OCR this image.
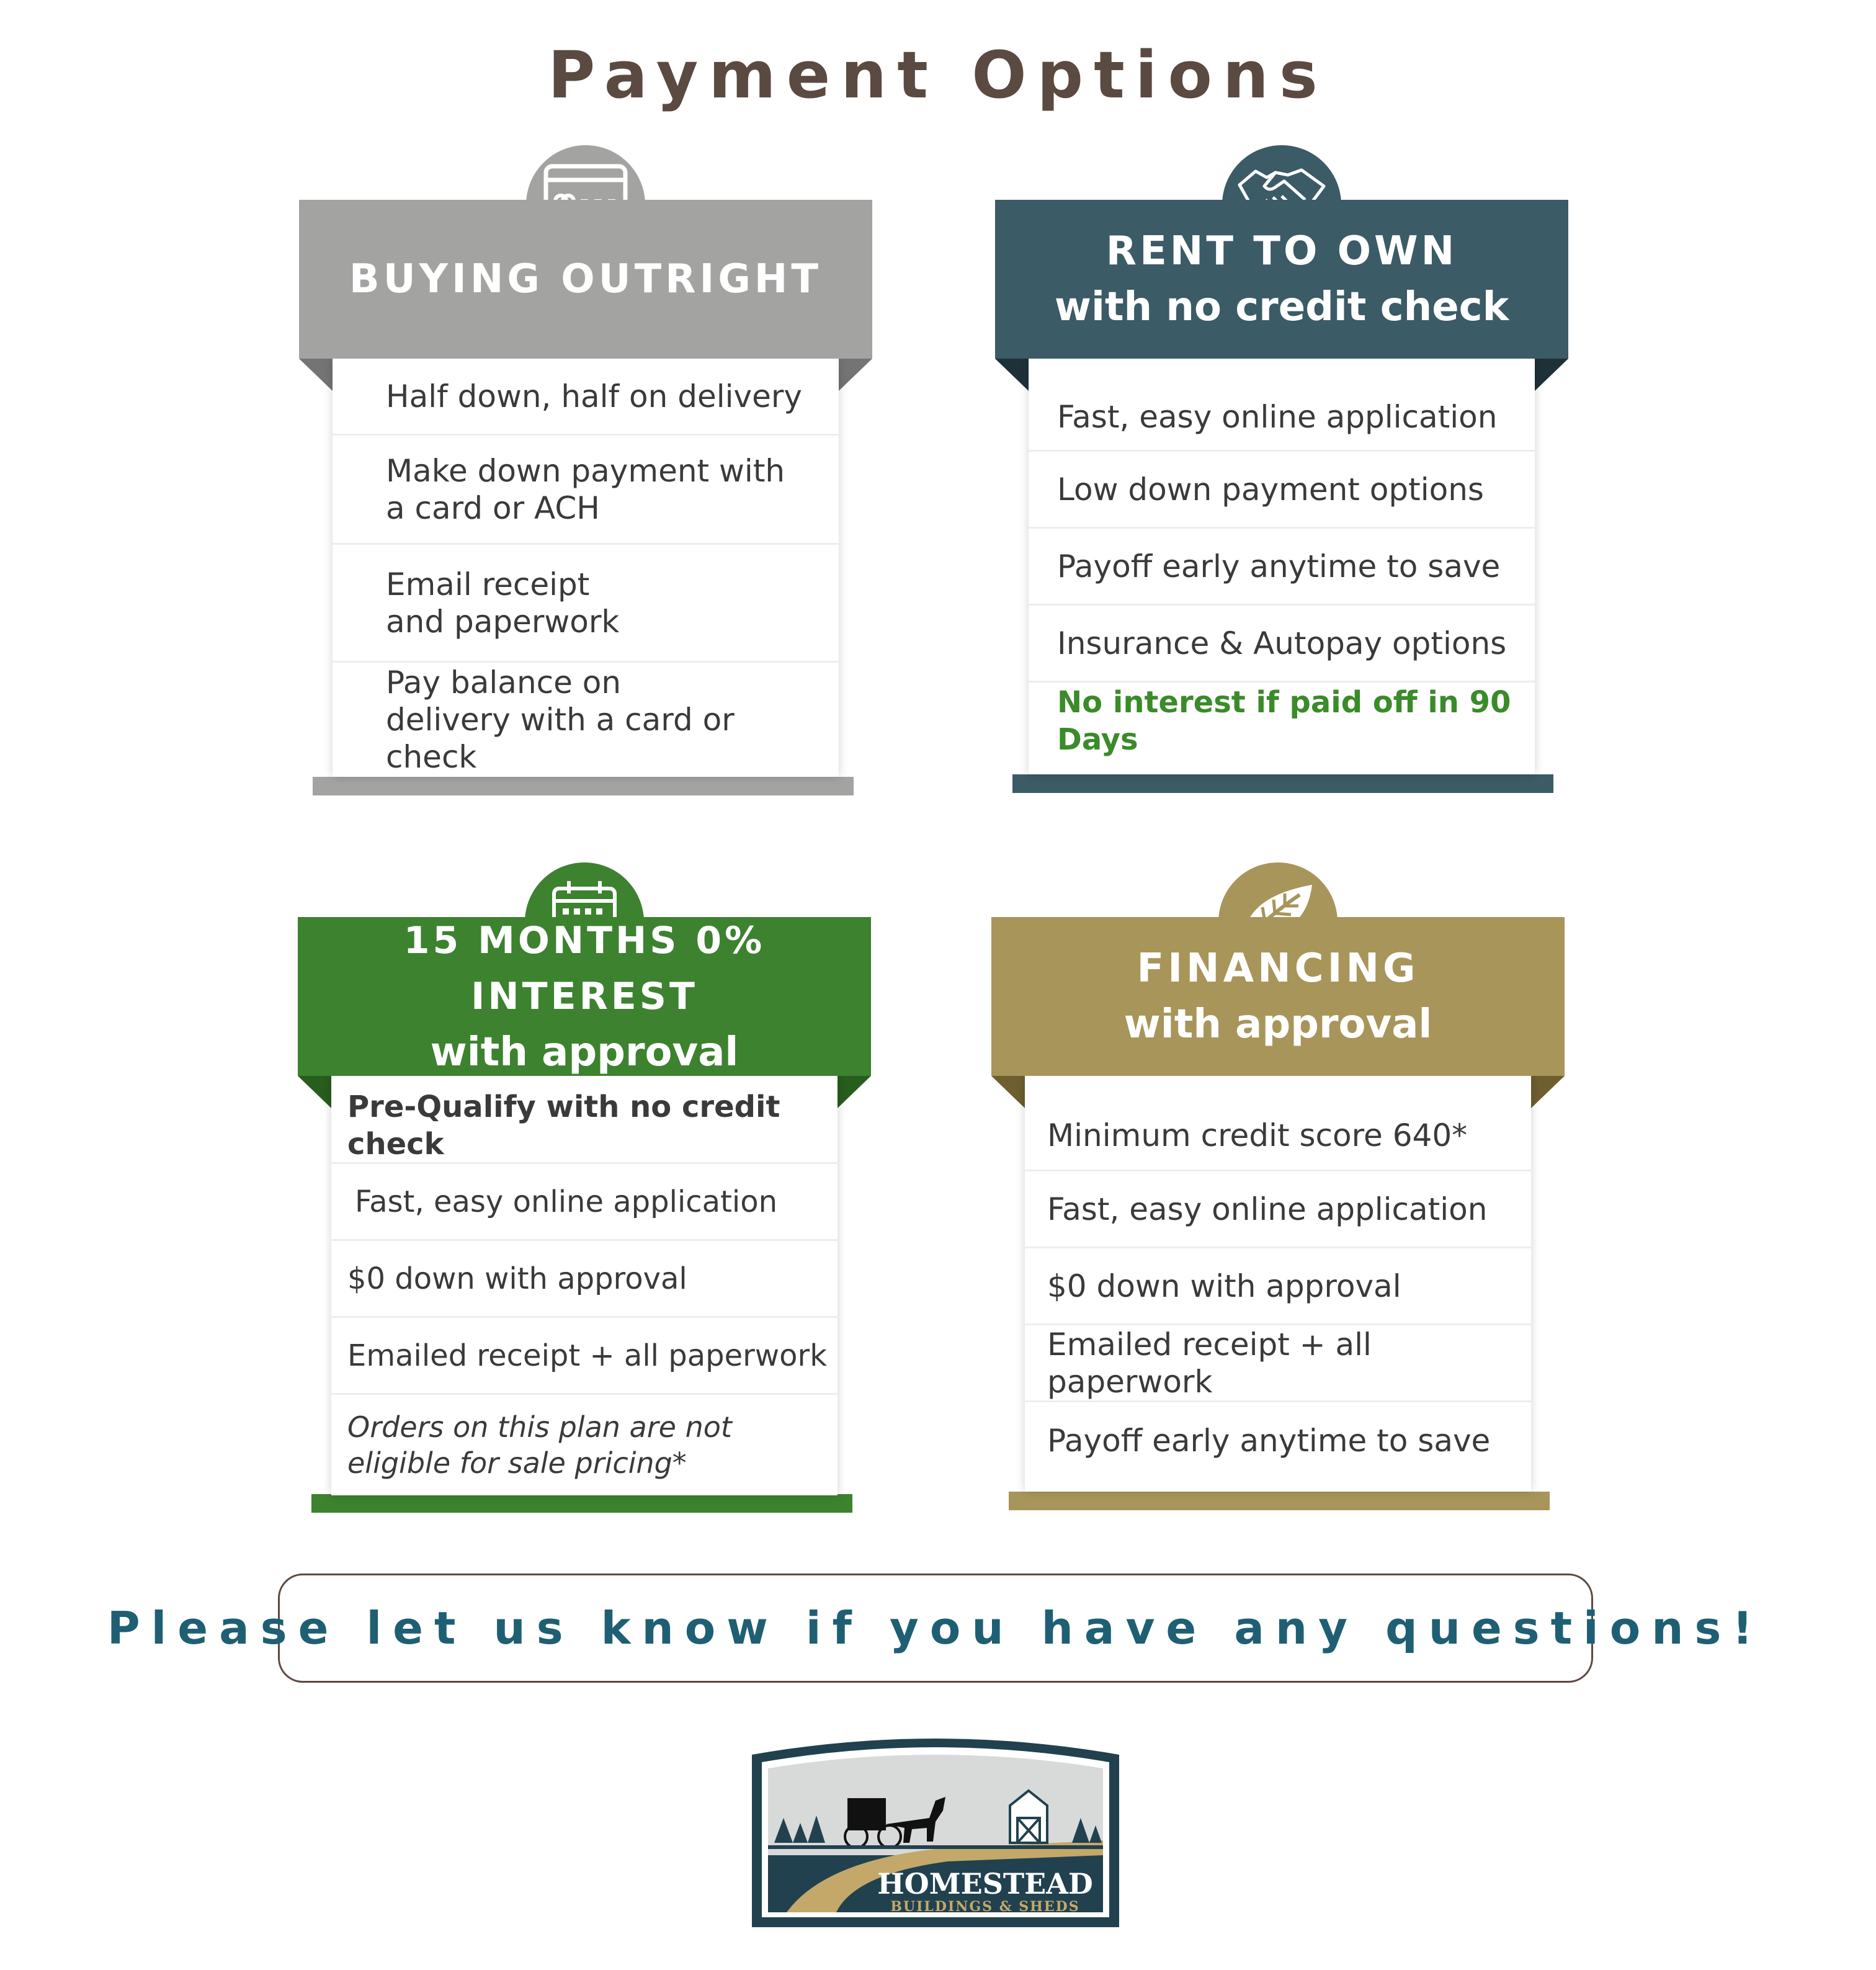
Payment Options
BUYING OUTRIGHT
Half down, half on delivery
Make down payment with a card or ACH
Email receipt and paperwork
Pay balance on delivery with a card or check
RENT TO OWN
with no credit check
Fast, easy online application
Low down payment options
Payoff early anytime to save
Insurance & Autopay options
No interest if paid off in 90 Days
15 MONTHS 0% INTEREST
with approval
Pre-Qualify with no credit check
Fast, easy online application
$0 down with approval
Emailed receipt + all paperwork
Orders on this plan are not eligible for sale pricing*
FINANCING
with approval
Minimum credit score 640*
Fast, easy online application
$0 down with approval
Emailed receipt + all paperwork
Payoff early anytime to save
Please let us know if you have any questions!
HOMESTEAD
BUILDINGS & SHEDS
